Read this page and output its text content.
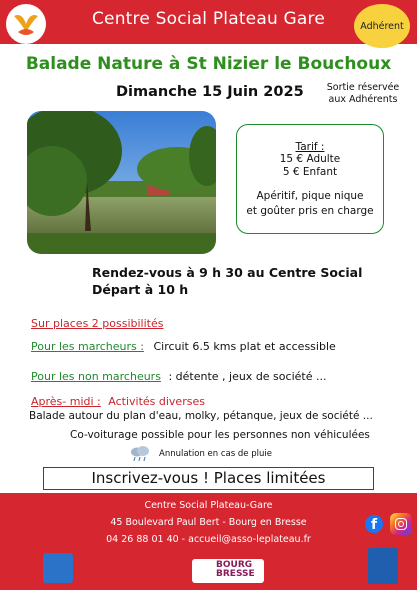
Centre Social Plateau Gare	Adhérent
Balade Nature à St Nizier le Bouchoux
Dimanche 15 Juin 2025	Sortie réservée
aux Adhérents
Tarif :
15 € Adulte
5 € Enfant
Apéritif, pique nique
et goûter pris en charge
Rendez-vous à 9 h 30 au Centre Social
Départ à 10 h
Sur places 2 possibilités
Pour les marcheurs : Circuit 6.5 kms plat et accessible
Pour les non marcheurs : détente , jeux de société ...
Après- midi : Activités diverses
Balade autour du plan d'eau, molky, pétanque, jeux de société ...
Co-voiturage possible pour les personnes non véhiculées
Annulation en cas de pluie
Inscrivez-vous ! Places limitées
Centre Social Plateau-Gare
45 Boulevard Paul Bert - Bourg en Bresse
04 26 88 01 40 - accueil@asso-leplateau.fr
f
BOURG
BRESSE
